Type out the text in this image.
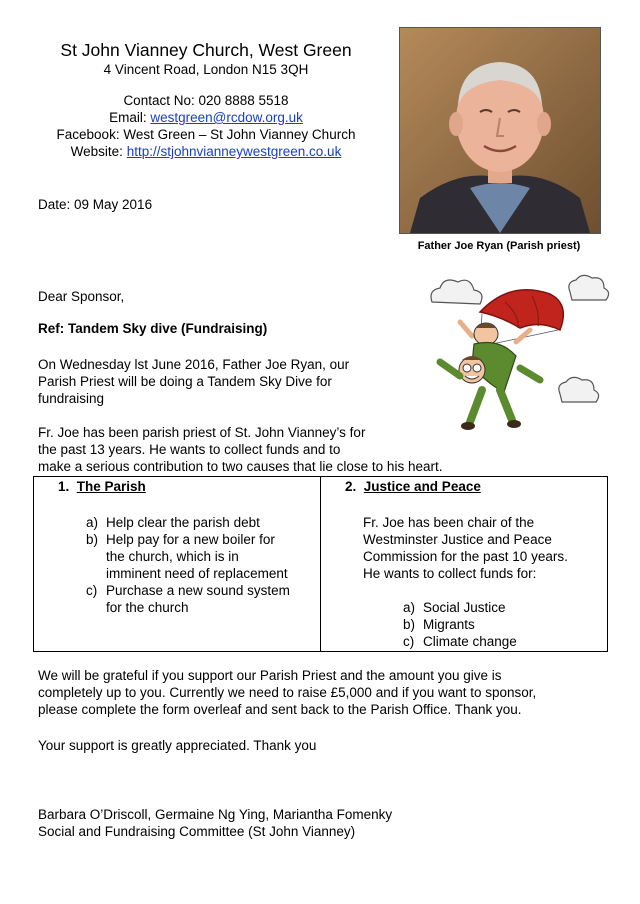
St John Vianney Church, West Green
4 Vincent Road, London N15 3QH
Contact No: 020 8888 5518
Email: westgreen@rcdow.org.uk
Facebook: West Green – St John Vianney Church
Website: http://stjohnvianneywestgreen.co.uk
Date: 09 May 2016
Father Joe Ryan (Parish priest)
Dear Sponsor,
Ref: Tandem Sky dive (Fundraising)
On Wednesday lst June 2016, Father Joe Ryan, our
Parish Priest will be doing a Tandem Sky Dive for
fundraising
Fr. Joe has been parish priest of St. John Vianney’s for
the past 13 years. He wants to collect funds and to
make a serious contribution to two causes that lie close to his heart.
1. The Parish
a) Help clear the parish debt
b) Help pay for a new boiler for
the church, which is in
imminent need of replacement
c) Purchase a new sound system
for the church

2. Justice and Peace
Fr. Joe has been chair of the
Westminster Justice and Peace
Commission for the past 10 years.
He wants to collect funds for:
a) Social Justice
b) Migrants
c) Climate change
We will be grateful if you support our Parish Priest and the amount you give is
completely up to you. Currently we need to raise £5,000 and if you want to sponsor,
please complete the form overleaf and sent back to the Parish Office. Thank you.
Your support is greatly appreciated. Thank you
Barbara O’Driscoll, Germaine Ng Ying, Mariantha Fomenky
Social and Fundraising Committee (St John Vianney)
